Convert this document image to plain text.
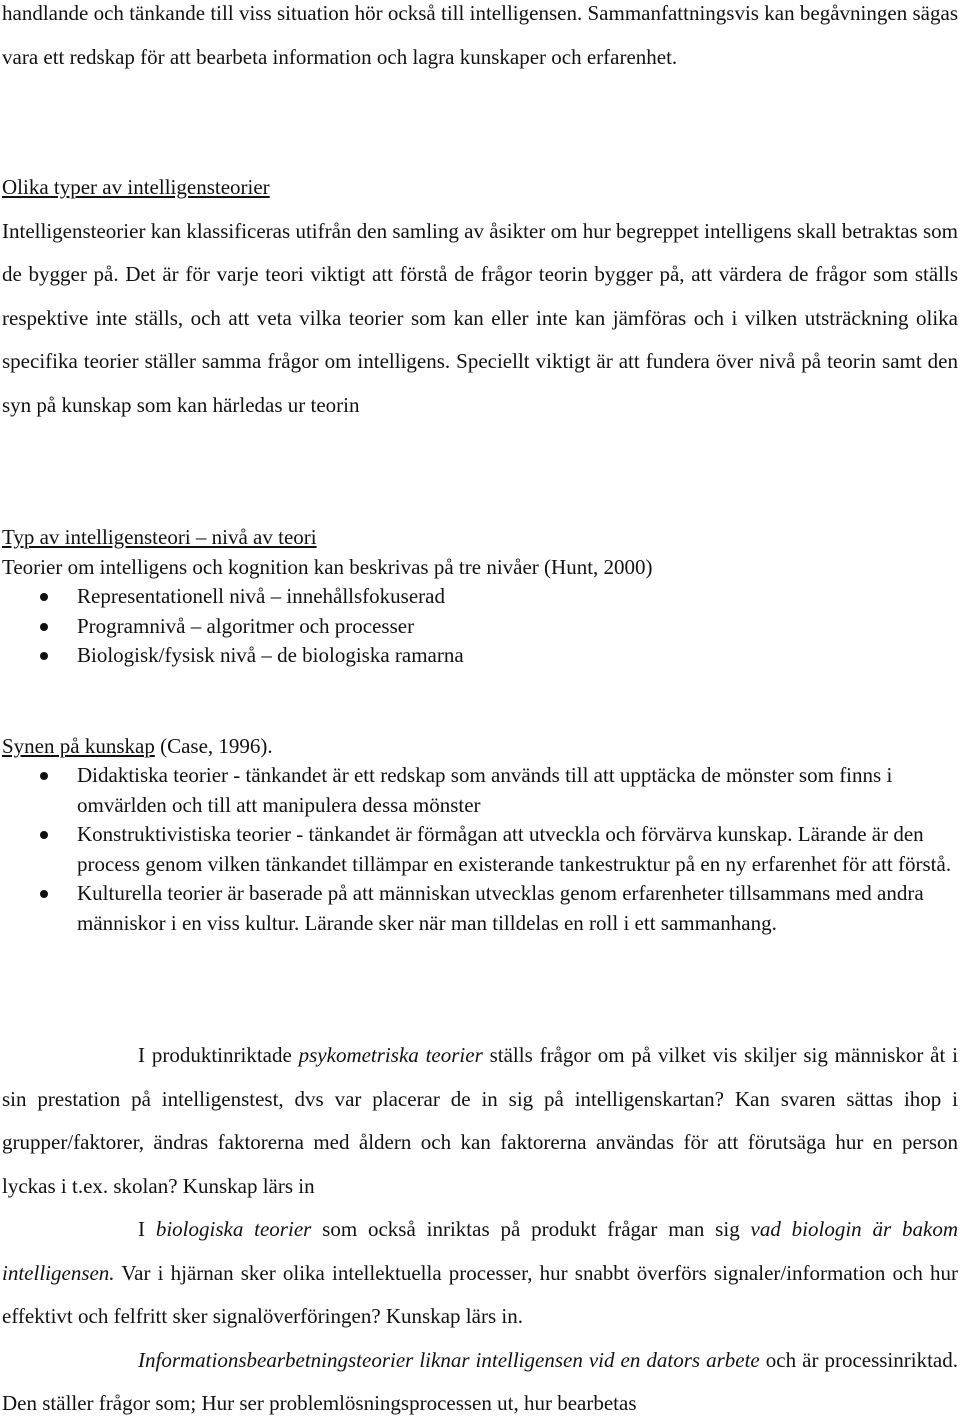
handlande och tänkande till viss situation hör också till intelligensen. Sammanfattningsvis kan begåvningen sägas vara ett redskap för att bearbeta information och lagra kunskaper och erfarenhet.

Olika typer av intelligensteorier

Intelligensteorier kan klassificeras utifrån den samling av åsikter om hur begreppet intelligens skall betraktas som de bygger på. Det är för varje teori viktigt att förstå de frågor teorin bygger på, att värdera de frågor som ställs respektive inte ställs, och att veta vilka teorier som kan eller inte kan jämföras och i vilken utsträckning olika specifika teorier ställer samma frågor om intelligens. Speciellt viktigt är att fundera över nivå på teorin samt den syn på kunskap som kan härledas ur teorin

Typ av intelligensteori – nivå av teori

Teorier om intelligens och kognition kan beskrivas på tre nivåer (Hunt, 2000)

Representationell nivå – innehållsfokuserad
Programnivå – algoritmer och processer
Biologisk/fysisk nivå – de biologiska ramarna

Synen på kunskap (Case, 1996).

Didaktiska teorier - tänkandet är ett redskap som används till att upptäcka de mönster som finns i omvärlden och till att manipulera dessa mönster
Konstruktivistiska teorier - tänkandet är förmågan att utveckla och förvärva kunskap. Lärande är den process genom vilken tänkandet tillämpar en existerande tankestruktur på en ny erfarenhet för att förstå.
Kulturella teorier är baserade på att människan utvecklas genom erfarenheter tillsammans med andra människor i en viss kultur. Lärande sker när man tilldelas en roll i ett sammanhang.

I produktinriktade psykometriska teorier ställs frågor om på vilket vis skiljer sig människor åt i sin prestation på intelligenstest, dvs var placerar de in sig på intelligenskartan? Kan svaren sättas ihop i grupper/faktorer, ändras faktorerna med åldern och kan faktorerna användas för att förutsäga hur en person lyckas i t.ex. skolan? Kunskap lärs in

I biologiska teorier som också inriktas på produkt frågar man sig vad biologin är bakom intelligensen. Var i hjärnan sker olika intellektuella processer, hur snabbt överförs signaler/information och hur effektivt och felfritt sker signalöverföringen? Kunskap lärs in.

Informationsbearbetningsteorier liknar intelligensen vid en dators arbete och är processinriktad. Den ställer frågor som; Hur ser problemlösningsprocessen ut, hur bearbetas
